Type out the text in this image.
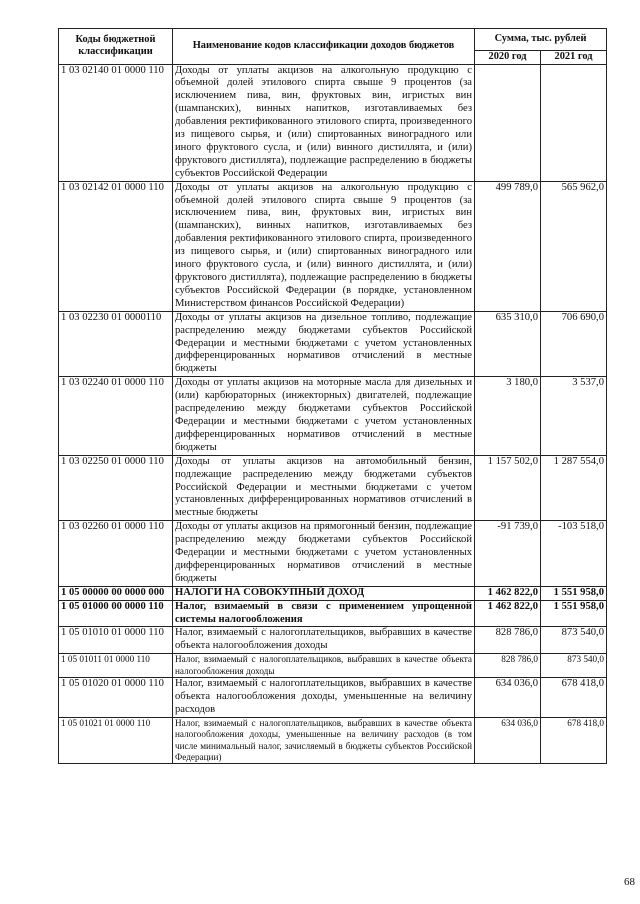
Коды бюджетной классификации	Наименование кодов классификации доходов бюджетов	Сумма, тыс. рублей	
		2020 год	2021 год
1 03 02140 01 0000 110	Доходы от уплаты акцизов на алкогольную продукцию с объемной долей этилового спирта свыше 9 процентов (за исключением пива, вин, фруктовых вин, игристых вин (шампанских), винных напитков, изготавливаемых без добавления ректификованного этилового спирта, произведенного из пищевого сырья, и (или) спиртованных виноградного или иного фруктового сусла, и (или) винного дистиллята, и (или) фруктового дистиллята), подлежащие распределению в бюджеты субъектов Российской Федерации		
1 03 02142 01 0000 110	Доходы от уплаты акцизов на алкогольную продукцию с объемной долей этилового спирта свыше 9 процентов (за исключением пива, вин, фруктовых вин, игристых вин (шампанских), винных напитков, изготавливаемых без добавления ректификованного этилового спирта, произведенного из пищевого сырья, и (или) спиртованных виноградного или иного фруктового сусла, и (или) винного дистиллята, и (или) фруктового дистиллята), подлежащие распределению в бюджеты субъектов Российской Федерации (в порядке, установленном Министерством финансов Российской Федерации)	499 789,0	565 962,0
1 03 02230 01 0000110	Доходы от уплаты акцизов на дизельное топливо, подлежащие распределению между бюджетами субъектов Российской Федерации и местными бюджетами с учетом установленных дифференцированных нормативов отчислений в местные бюджеты	635 310,0	706 690,0
1 03 02240 01 0000 110	Доходы от уплаты акцизов на моторные масла для дизельных и (или) карбюраторных (инжекторных) двигателей, подлежащие распределению между бюджетами субъектов Российской Федерации и местными бюджетами с учетом установленных дифференцированных нормативов отчислений в местные бюджеты	3 180,0	3 537,0
1 03 02250 01 0000 110	Доходы от уплаты акцизов на автомобильный бензин, подлежащие распределению между бюджетами субъектов Российской Федерации и местными бюджетами с учетом установленных дифференцированных нормативов отчислений в местные бюджеты	1 157 502,0	1 287 554,0
1 03 02260 01 0000 110	Доходы от уплаты акцизов на прямогонный бензин, подлежащие распределению между бюджетами субъектов Российской Федерации и местными бюджетами с учетом установленных дифференцированных нормативов отчислений в местные бюджеты	-91 739,0	-103 518,0
1 05 00000 00 0000 000	НАЛОГИ НА СОВОКУПНЫЙ ДОХОД	1 462 822,0	1 551 958,0
1 05 01000 00 0000 110	Налог, взимаемый в связи с применением упрощенной системы налогообложения	1 462 822,0	1 551 958,0
1 05 01010 01 0000 110	Налог, взимаемый с налогоплательщиков, выбравших в качестве объекта налогообложения доходы	828 786,0	873 540,0
1 05 01011 01 0000 110	Налог, взимаемый с налогоплательщиков, выбравших в качестве объекта налогообложения доходы	828 786,0	873 540,0
1 05 01020 01 0000 110	Налог, взимаемый с налогоплательщиков, выбравших в качестве объекта налогообложения доходы, уменьшенные на величину расходов	634 036,0	678 418,0
1 05 01021 01 0000 110	Налог, взимаемый с налогоплательщиков, выбравших в качестве объекта налогообложения доходы, уменьшенные на величину расходов (в том числе минимальный налог, зачисляемый в бюджеты субъектов Российской Федерации)	634 036,0	678 418,0
68
